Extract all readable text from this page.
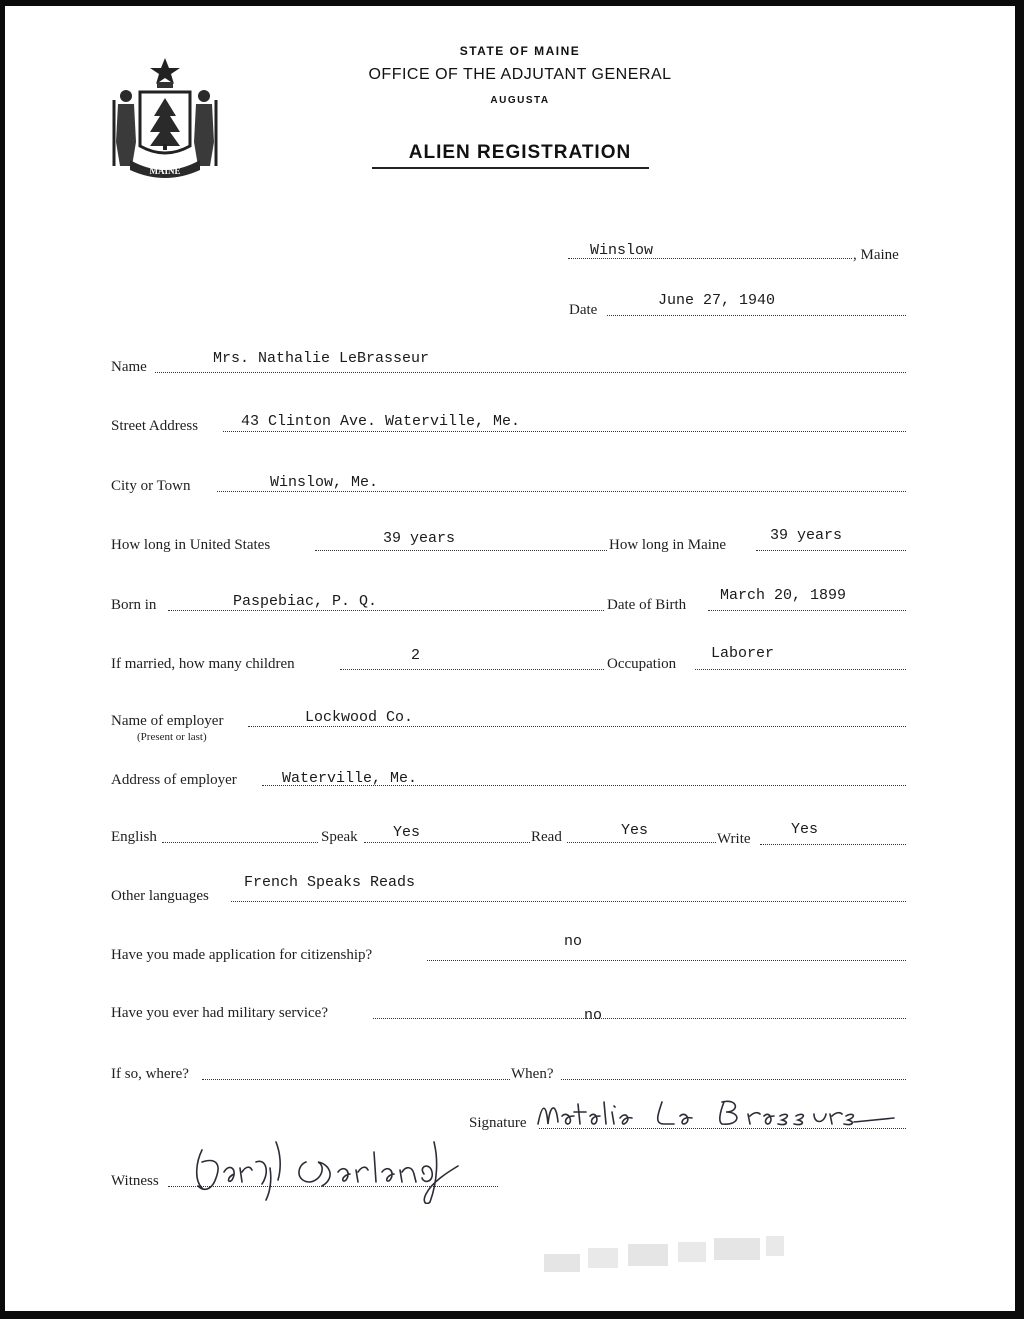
MAINE
STATE OF MAINE
OFFICE OF THE ADJUTANT GENERAL
AUGUSTA
ALIEN REGISTRATION
Winslow	, Maine
Date
June 27, 1940
Name	Mrs. Nathalie LeBrasseur
Street Address	43 Clinton Ave. Waterville, Me.
City or Town	Winslow, Me.
How long in United States	39 years	How long in Maine
39 years
Born in	Paspebiac, P. Q.	Date of Birth
March 20, 1899
If married, how many children	2	Occupation
Laborer
Name of employer
(Present or last)
Lockwood Co.
Address of employer	Waterville, Me.
English	Speak Yes	Read	Yes	Write
Yes
Other languages
French Speaks Reads
Have you made application for citizenship?
no
Have you ever had military service?	no
If so, where?	When?
Signature
Natalie Le Brasseur
Witness
David Garland
